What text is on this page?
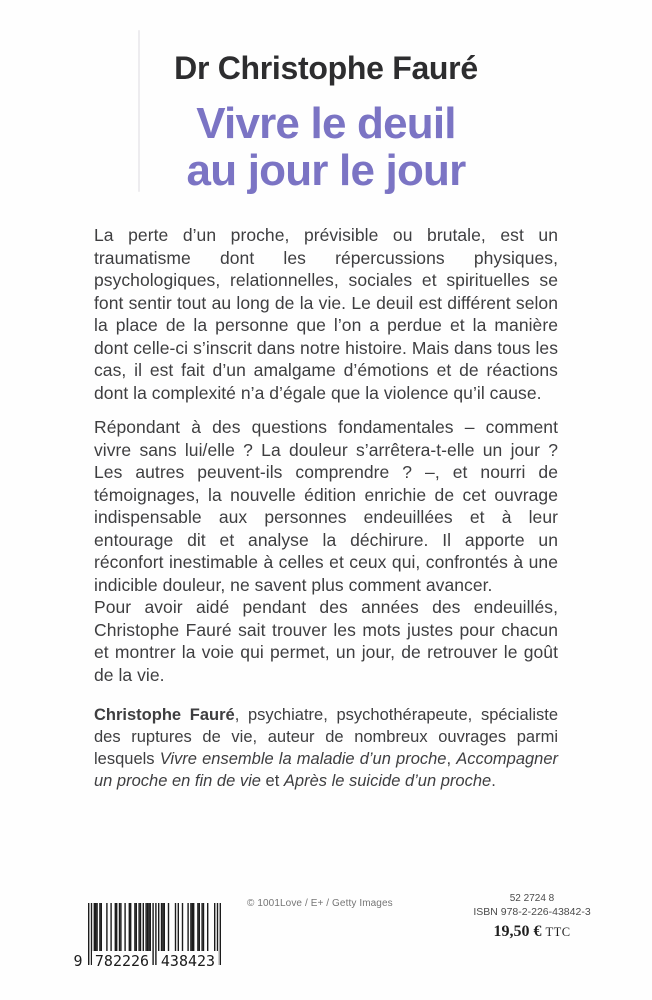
Dr Christophe Fauré
Vivre le deuil
au jour le jour

La perte d’un proche, prévisible ou brutale, est un traumatisme dont les répercussions physiques, psychologiques, relationnelles, sociales et spirituelles se font sentir tout au long de la vie. Le deuil est différent selon la place de la personne que l’on a perdue et la manière dont celle-ci s’inscrit dans notre histoire. Mais dans tous les cas, il est fait d’un amalgame d’émotions et de réactions dont la complexité n’a d’égale que la violence qu’il cause.

Répondant à des questions fondamentales – comment vivre sans lui/elle ? La douleur s’arrêtera-t-elle un jour ? Les autres peuvent-ils comprendre ? –, et nourri de témoignages, la nouvelle édition enrichie de cet ouvrage indispensable aux personnes endeuillées et à leur entourage dit et analyse la déchirure. Il apporte un réconfort inestimable à celles et ceux qui, confrontés à une indicible douleur, ne savent plus comment avancer.

Pour avoir aidé pendant des années des endeuillés, Christophe Fauré sait trouver les mots justes pour chacun et montrer la voie qui permet, un jour, de retrouver le goût de la vie.

Christophe Fauré, psychiatre, psychothérapeute, spécialiste des ruptures de vie, auteur de nombreux ouvrages parmi lesquels Vivre ensemble la maladie d’un proche, Accompagner un proche en fin de vie et Après le suicide d’un proche.

9 782226 438423
© 1001Love / E+ / Getty Images	52 2724 8
ISBN 978-2-226-43842-3
19,50 € TTC
